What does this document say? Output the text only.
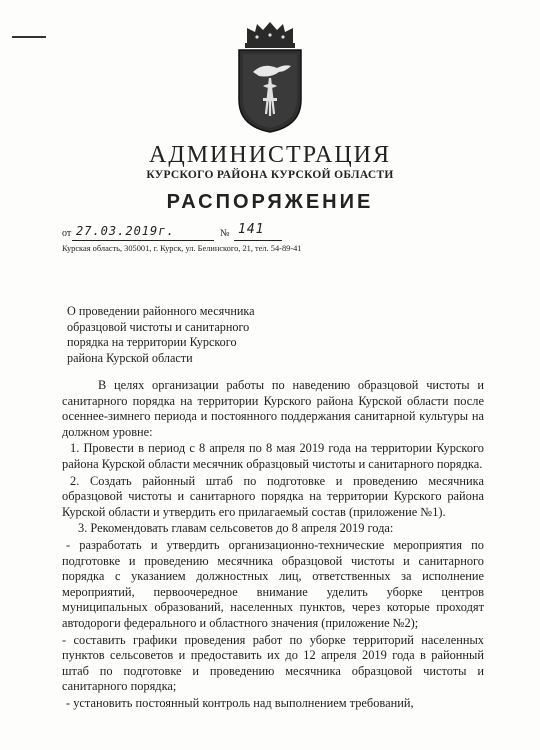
АДМИНИСТРАЦИЯ
КУРСКОГО РАЙОНА КУРСКОЙ ОБЛАСТИ
РАСПОРЯЖЕНИЕ
от 27.03.2019г.	№ 141
Курская область, 305001, г. Курск, ул. Белинского, 21, тел. 54-89-41
О проведении районного месячника
образцовой чистоты и санитарного
порядка на территории Курского
района Курской области

В целях организации работы по наведению образцовой чистоты и санитарного порядка на территории Курского района Курской области после осеннее-зимнего периода и постоянного поддержания санитарной культуры на должном уровне:

1. Провести в период с 8 апреля по 8 мая 2019 года на территории Курского района Курской области месячник образцовый чистоты и санитарного порядка.

2. Создать районный штаб по подготовке и проведению месячника образцовой чистоты и санитарного порядка на территории Курского района Курской области и утвердить его прилагаемый состав (приложение №1).

3. Рекомендовать главам сельсоветов до 8 апреля 2019 года:

- разработать и утвердить организационно-технические мероприятия по подготовке и проведению месячника образцовой чистоты и санитарного порядка с указанием должностных лиц, ответственных за исполнение мероприятий, первоочередное внимание уделить уборке центров муниципальных образований, населенных пунктов, через которые проходят автодороги федерального и областного значения (приложение №2);

- составить графики проведения работ по уборке территорий населенных пунктов сельсоветов и предоставить их до 12 апреля 2019 года в районный штаб по подготовке и проведению месячника образцовой чистоты и санитарного порядка;

- установить постоянный контроль над выполнением требований,
